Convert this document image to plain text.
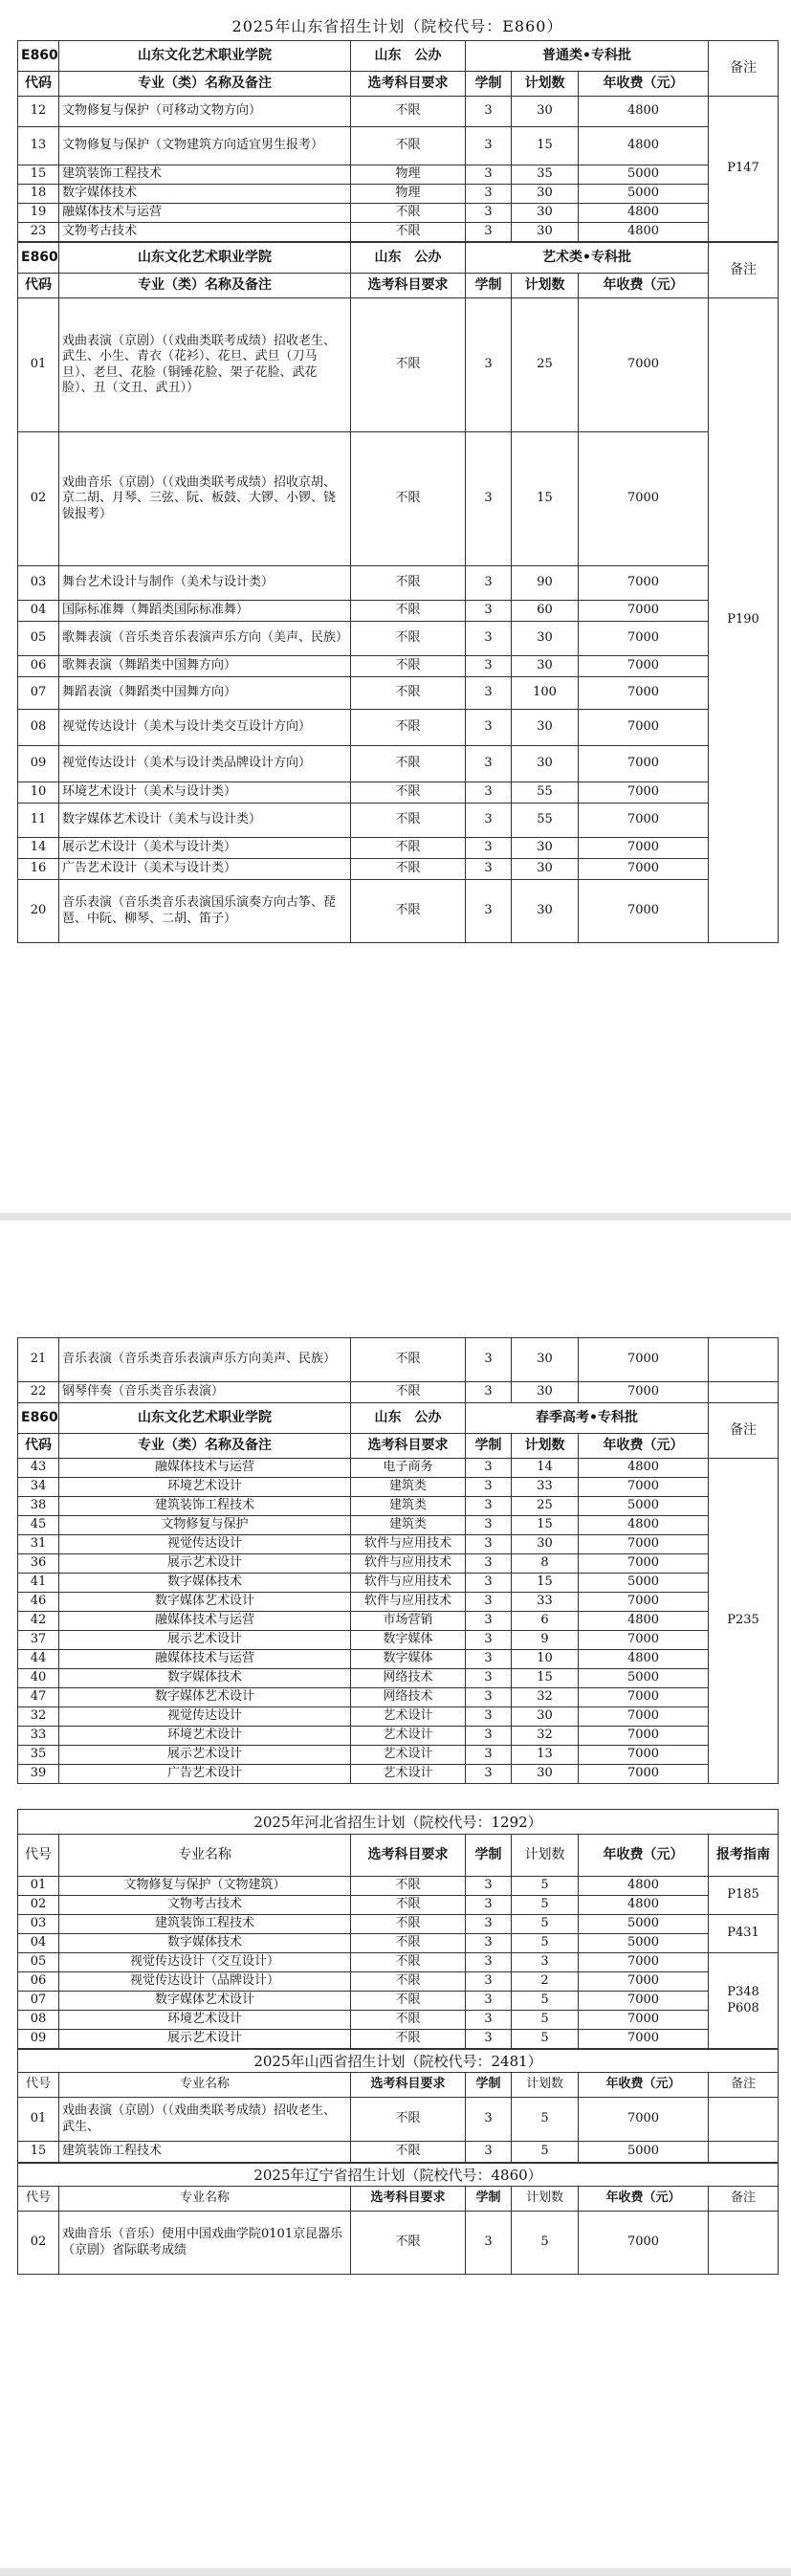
2025年山东省招生计划（院校代号：E860）
E860	山东文化艺术职业学院	山东　公办	普通类•专科批			备注
代码	专业（类）名称及备注	选考科目要求	学制	计划数	年收费（元）	
12	文物修复与保护（可移动文物方向）	不限	3	30	4800	P147
13	文物修复与保护（文物建筑方向适宜男生报考）	不限	3	15	4800	
15	建筑装饰工程技术	物理	3	35	5000	
18	数字媒体技术	物理	3	30	5000	
19	融媒体技术与运营	不限	3	30	4800	
23	文物考古技术	不限	3	30	4800	
E860	山东文化艺术职业学院	山东　公办	艺术类•专科批			备注
代码	专业（类）名称及备注	选考科目要求	学制	计划数	年收费（元）	
01	戏曲表演（京剧）（（戏曲类联考成绩）招收老生、武生、小生、青衣（花衫）、花旦、武旦（刀马旦）、老旦、花脸（铜锤花脸、架子花脸、武花脸）、丑（文丑、武丑））	不限	3	25	7000	P190
02	戏曲音乐（京剧）（（戏曲类联考成绩）招收京胡、京二胡、月琴、三弦、阮、板鼓、大锣、小锣、铙钹报考）	不限	3	15	7000	
03	舞台艺术设计与制作（美术与设计类）	不限	3	90	7000	
04	国际标准舞（舞蹈类国际标准舞）	不限	3	60	7000	
05	歌舞表演（音乐类音乐表演声乐方向（美声、民族）	不限	3	30	7000	
06	歌舞表演（舞蹈类中国舞方向）	不限	3	30	7000	
07	舞蹈表演（舞蹈类中国舞方向）	不限	3	100	7000	
08	视觉传达设计（美术与设计类交互设计方向）	不限	3	30	7000	
09	视觉传达设计（美术与设计类品牌设计方向）	不限	3	30	7000	
10	环境艺术设计（美术与设计类）	不限	3	55	7000	
11	数字媒体艺术设计（美术与设计类）	不限	3	55	7000	
14	展示艺术设计（美术与设计类）	不限	3	30	7000	
16	广告艺术设计（美术与设计类）	不限	3	30	7000	
20	音乐表演（音乐类音乐表演国乐演奏方向古筝、琵琶、中阮、柳琴、二胡、笛子）	不限	3	30	7000	
21	音乐表演（音乐类音乐表演声乐方向美声、民族）	不限	3	30	7000	
22	钢琴伴奏（音乐类音乐表演）	不限	3	30	7000	
E860	山东文化艺术职业学院	山东　公办	春季高考•专科批			备注
代码	专业（类）名称及备注	选考科目要求	学制	计划数	年收费（元）	
43	融媒体技术与运营	电子商务	3	14	4800	P235
34	环境艺术设计	建筑类	3	33	7000	
38	建筑装饰工程技术	建筑类	3	25	5000	
45	文物修复与保护	建筑类	3	15	4800	
31	视觉传达设计	软件与应用技术	3	30	7000	
36	展示艺术设计	软件与应用技术	3	8	7000	
41	数字媒体技术	软件与应用技术	3	15	5000	
46	数字媒体艺术设计	软件与应用技术	3	33	7000	
42	融媒体技术与运营	市场营销	3	6	4800	
37	展示艺术设计	数字媒体	3	9	7000	
44	融媒体技术与运营	数字媒体	3	10	4800	
40	数字媒体技术	网络技术	3	15	5000	
47	数字媒体艺术设计	网络技术	3	32	7000	
32	视觉传达设计	艺术设计	3	30	7000	
33	环境艺术设计	艺术设计	3	32	7000	
35	展示艺术设计	艺术设计	3	13	7000	
39	广告艺术设计	艺术设计	3	30	7000	
2025年河北省招生计划（院校代号：1292）						
代号	专业名称	选考科目要求	学制	计划数	年收费（元）	报考指南
01	文物修复与保护（文物建筑）	不限	3	5	4800	P185
02	文物考古技术	不限	3	5	4800	
03	建筑装饰工程技术	不限	3	5	5000	P431
04	数字媒体技术	不限	3	5	5000	
05	视觉传达设计（交互设计）	不限	3	3	7000	P348 P608
06	视觉传达设计（品牌设计）	不限	3	2	7000	
07	数字媒体艺术设计	不限	3	5	7000	
08	环境艺术设计	不限	3	5	7000	
09	展示艺术设计	不限	3	5	7000	
2025年山西省招生计划（院校代号：2481）						
代号	专业名称	选考科目要求	学制	计划数	年收费（元）	备注
01	戏曲表演（京剧）（（戏曲类联考成绩）招收老生、武生、	不限	3	5	7000	
15	建筑装饰工程技术	不限	3	5	5000	
2025年辽宁省招生计划（院校代号：4860）						
代号	专业名称	选考科目要求	学制	计划数	年收费（元）	备注
02	戏曲音乐（音乐）使用中国戏曲学院0101京昆器乐（京剧）省际联考成绩	不限	3	5	7000	
